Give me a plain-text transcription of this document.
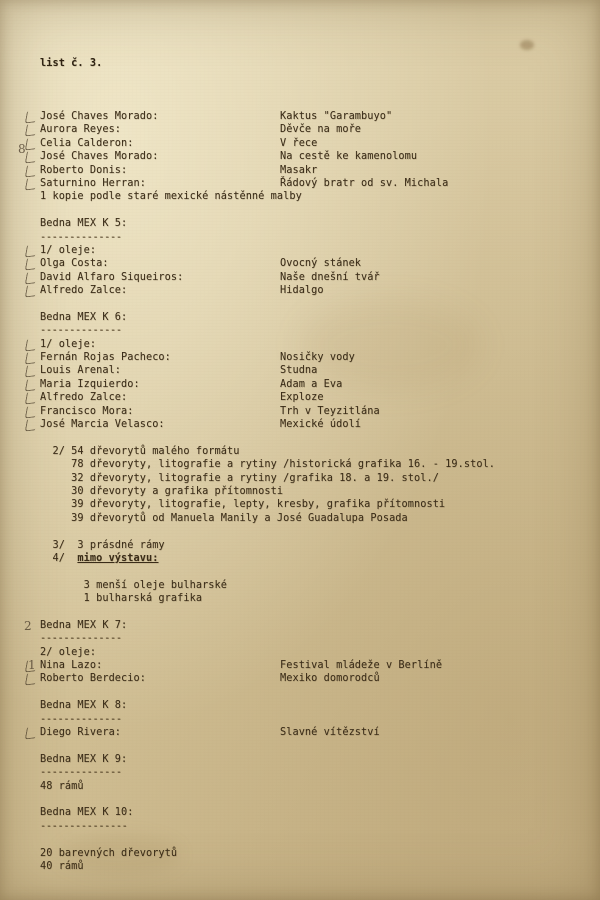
list č. 3.

José Chaves Morado:	Kaktus "Garambuyo"
Aurora Reyes:	Děvče na moře
Celia Calderon:	V řece
José Chaves Morado:	Na cestě ke kamenolomu
Roberto Donis:	Masakr
Saturnino Herran:	Řádový bratr od sv. Michala
1 kopie podle staré mexické nástěnné malby
Bedna MEX K 5:
--------------
1/ oleje:
Olga Costa:	Ovocný stánek
David Alfaro Siqueiros:	Naše dnešní tvář
Alfredo Zalce:	Hidalgo
Bedna MEX K 6:
--------------
1/ oleje:
Fernán Rojas Pacheco:	Nosičky vody
Louis Arenal:	Studna
Maria Izquierdo:	Adam a Eva
Alfredo Zalce:	Exploze
Francisco Mora:	Trh v Teyzitlána
José Marcia Velasco:	Mexické údolí
2/ 54 dřevorytů malého formátu
78 dřevoryty, litografie a rytiny /historická grafika 16. - 19.stol.
32 dřevoryty, litografie a rytiny /grafika 18. a 19. stol./
30 dřevoryty a grafika přítomnosti
39 dřevoryty, litografie, lepty, kresby, grafika přítomnosti
39 dřevorytů od Manuela Manily a José Guadalupa Posada
3/  3 prásdné rámy
4/  mimo výstavu:
3 menší oleje bulharské
1 bulharská grafika
Bedna MEX K 7:
--------------
2/ oleje:
Nina Lazo:	Festival mládeže v Berlíně
Roberto Berdecio:	Mexiko domorodců
Bedna MEX K 8:
--------------
Diego Rivera:	Slavné vítězství
Bedna MEX K 9:
--------------
48 rámů
Bedna MEX K 10:
---------------
20 barevných dřevorytů
40 rámů

8
2
1
